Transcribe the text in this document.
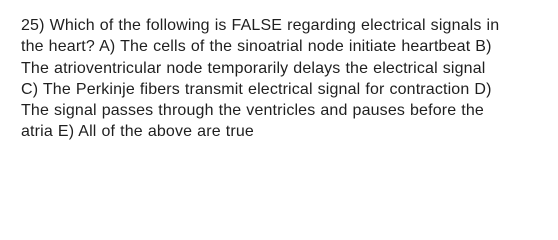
25) Which of the following is FALSE regarding electrical signals in
the heart? A) The cells of the sinoatrial node initiate heartbeat B)
The atrioventricular node temporarily delays the electrical signal
C) The Perkinje fibers transmit electrical signal for contraction D)
The signal passes through the ventricles and pauses before the
atria E) All of the above are true
